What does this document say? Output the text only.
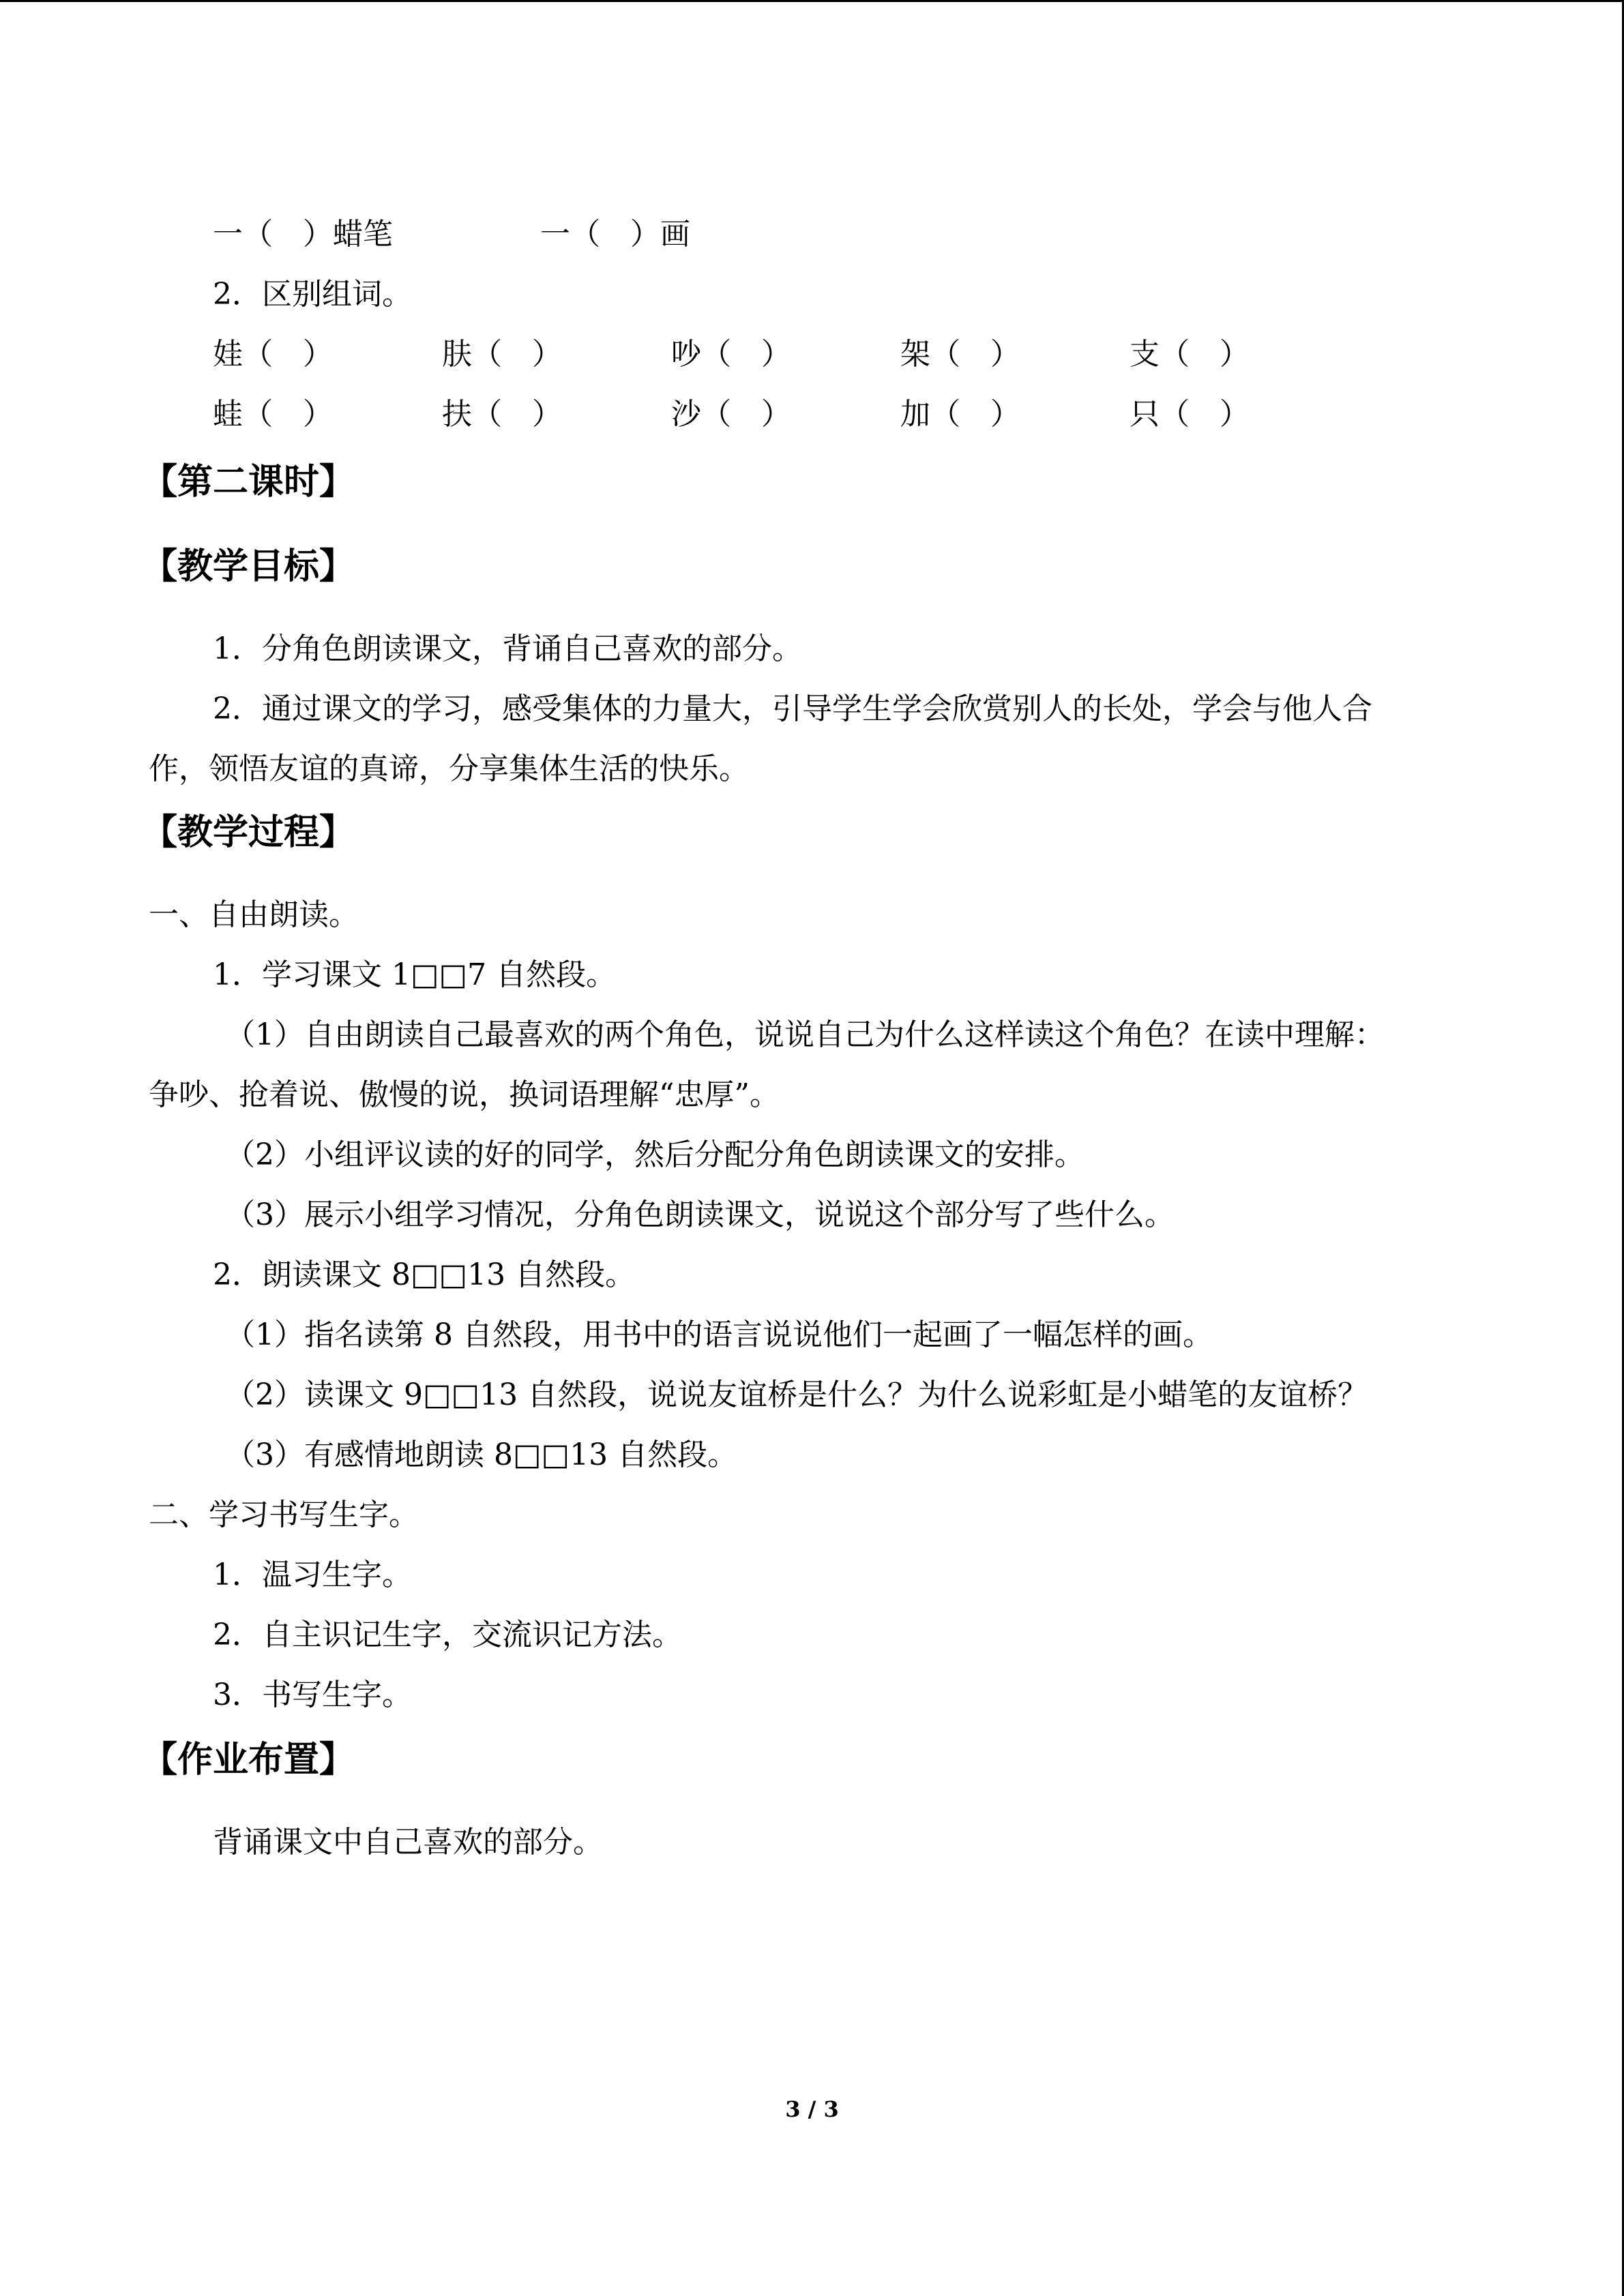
一（　）蜡笔	一（　）画
2．区别组词。
娃（　）	肤（　）	吵（　）	架（　）	支（　）
蛙（　）	扶（　）	沙（　）	加（　）	只（　）
【第二课时】
【教学目标】
1．分角色朗读课文，背诵自己喜欢的部分。
2．通过课文的学习，感受集体的力量大，引导学生学会欣赏别人的长处，学会与他人合
作，领悟友谊的真谛，分享集体生活的快乐。
【教学过程】
一、自由朗读。
1．学习课文 1□□7 自然段。
（1）自由朗读自己最喜欢的两个角色，说说自己为什么这样读这个角色？在读中理解：
争吵、抢着说、傲慢的说，换词语理解“忠厚”。
（2）小组评议读的好的同学，然后分配分角色朗读课文的安排。
（3）展示小组学习情况，分角色朗读课文，说说这个部分写了些什么。
2．朗读课文 8□□13 自然段。
（1）指名读第 8 自然段，用书中的语言说说他们一起画了一幅怎样的画。
（2）读课文 9□□13 自然段，说说友谊桥是什么？为什么说彩虹是小蜡笔的友谊桥？
（3）有感情地朗读 8□□13 自然段。
二、学习书写生字。
1．温习生字。
2．自主识记生字，交流识记方法。
3．书写生字。
【作业布置】
背诵课文中自己喜欢的部分。
3 / 3
